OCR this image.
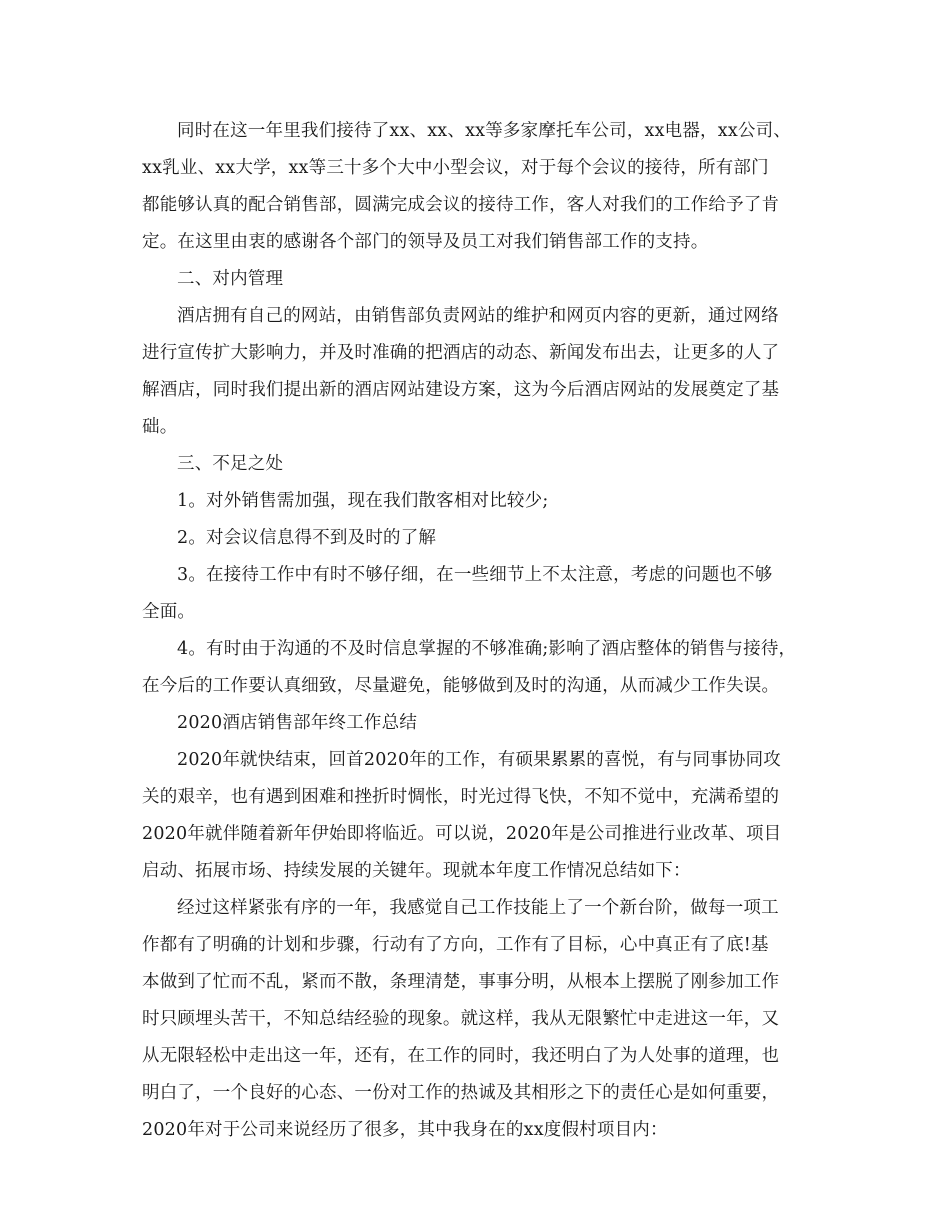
同时在这一年里我们接待了xx、xx、xx等多家摩托车公司，xx电器，xx公司、
xx乳业、xx大学，xx等三十多个大中小型会议，对于每个会议的接待，所有部门
都能够认真的配合销售部，圆满完成会议的接待工作，客人对我们的工作给予了肯
定。在这里由衷的感谢各个部门的领导及员工对我们销售部工作的支持。
二、对内管理
酒店拥有自己的网站，由销售部负责网站的维护和网页内容的更新，通过网络
进行宣传扩大影响力，并及时准确的把酒店的动态、新闻发布出去，让更多的人了
解酒店，同时我们提出新的酒店网站建设方案，这为今后酒店网站的发展奠定了基
础。
三、不足之处
1。对外销售需加强，现在我们散客相对比较少;
2。对会议信息得不到及时的了解
3。在接待工作中有时不够仔细，在一些细节上不太注意，考虑的问题也不够
全面。
4。有时由于沟通的不及时信息掌握的不够准确;影响了酒店整体的销售与接待，
在今后的工作要认真细致，尽量避免，能够做到及时的沟通，从而减少工作失误。
2020酒店销售部年终工作总结
2020年就快结束，回首2020年的工作，有硕果累累的喜悦，有与同事协同攻
关的艰辛，也有遇到困难和挫折时惆怅，时光过得飞快，不知不觉中，充满希望的
2020年就伴随着新年伊始即将临近。可以说，2020年是公司推进行业改革、项目
启动、拓展市场、持续发展的关键年。现就本年度工作情况总结如下：
经过这样紧张有序的一年，我感觉自己工作技能上了一个新台阶，做每一项工
作都有了明确的计划和步骤，行动有了方向，工作有了目标，心中真正有了底!基
本做到了忙而不乱，紧而不散，条理清楚，事事分明，从根本上摆脱了刚参加工作
时只顾埋头苦干，不知总结经验的现象。就这样，我从无限繁忙中走进这一年，又
从无限轻松中走出这一年，还有，在工作的同时，我还明白了为人处事的道理，也
明白了，一个良好的心态、一份对工作的热诚及其相形之下的责任心是如何重要，
2020年对于公司来说经历了很多，其中我身在的xx度假村项目内：
